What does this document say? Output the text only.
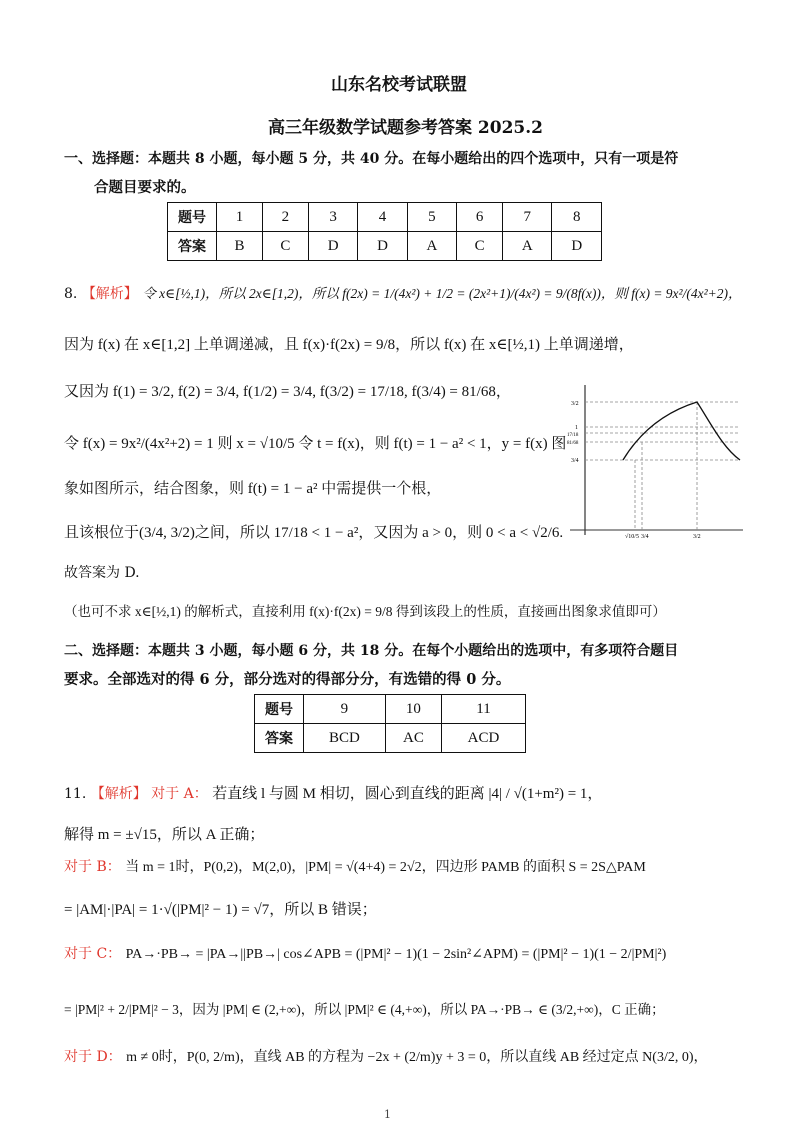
山东名校考试联盟
高三年级数学试题参考答案 2025.2
一、选择题：本题共 8 小题，每小题 5 分，共 40 分。在每小题给出的四个选项中，只有一项是符
合题目要求的。
题号	1	2	3	4	5	6	7	8
答案	B	C	D	D	A	C	A	D
8. 【解析】 令 x∈[½,1)，所以 2x∈[1,2)，所以 f(2x) = 1/(4x²) + 1/2 = (2x²+1)/(4x²) = 9/(8f(x))，则 f(x) = 9x²/(4x²+2)，
因为 f(x) 在 x∈[1,2] 上单调递减，且 f(x)·f(2x) = 9/8，所以 f(x) 在 x∈[½,1) 上单调递增，
又因为 f(1) = 3/2, f(2) = 3/4, f(1/2) = 3/4, f(3/2) = 17/18, f(3/4) = 81/68，
令 f(x) = 9x²/(4x²+2) = 1 则 x = √10/5 令 t = f(x)，则 f(t) = 1 − a² < 1，y = f(x) 图
象如图所示，结合图象，则 f(t) = 1 − a² 中需提供一个根，
且该根位于(3/4, 3/2)之间，所以 17/18 < 1 − a²，又因为 a > 0，则 0 < a < √2/6.
故答案为 D.
（也可不求 x∈[½,1) 的解析式，直接利用 f(x)·f(2x) = 9/8 得到该段上的性质，直接画出图象求值即可）
3/2
1
17/18
81/68
3/4
√10/5 3/4	3/2
二、选择题：本题共 3 小题，每小题 6 分，共 18 分。在每个小题给出的选项中，有多项符合题目
要求。全部选对的得 6 分，部分选对的得部分分，有选错的得 0 分。
题号	9	10	11
答案	BCD	AC	ACD
11. 【解析】 对于 A： 若直线 l 与圆 M 相切，圆心到直线的距离 |4| / √(1+m²) = 1，
解得 m = ±√15，所以 A 正确；
对于 B： 当 m = 1时，P(0,2)，M(2,0)，|PM| = √(4+4) = 2√2，四边形 PAMB 的面积 S = 2S△PAM
= |AM|·|PA| = 1·√(|PM|² − 1) = √7，所以 B 错误；
对于 C： PA→·PB→ = |PA→||PB→| cos∠APB = (|PM|² − 1)(1 − 2sin²∠APM) = (|PM|² − 1)(1 − 2/|PM|²)
= |PM|² + 2/|PM|² − 3，因为 |PM| ∈ (2,+∞)，所以 |PM|² ∈ (4,+∞)，所以 PA→·PB→ ∈ (3/2,+∞)，C 正确；
对于 D： m ≠ 0时，P(0, 2/m)，直线 AB 的方程为 −2x + (2/m)y + 3 = 0，所以直线 AB 经过定点 N(3/2, 0)，
1
